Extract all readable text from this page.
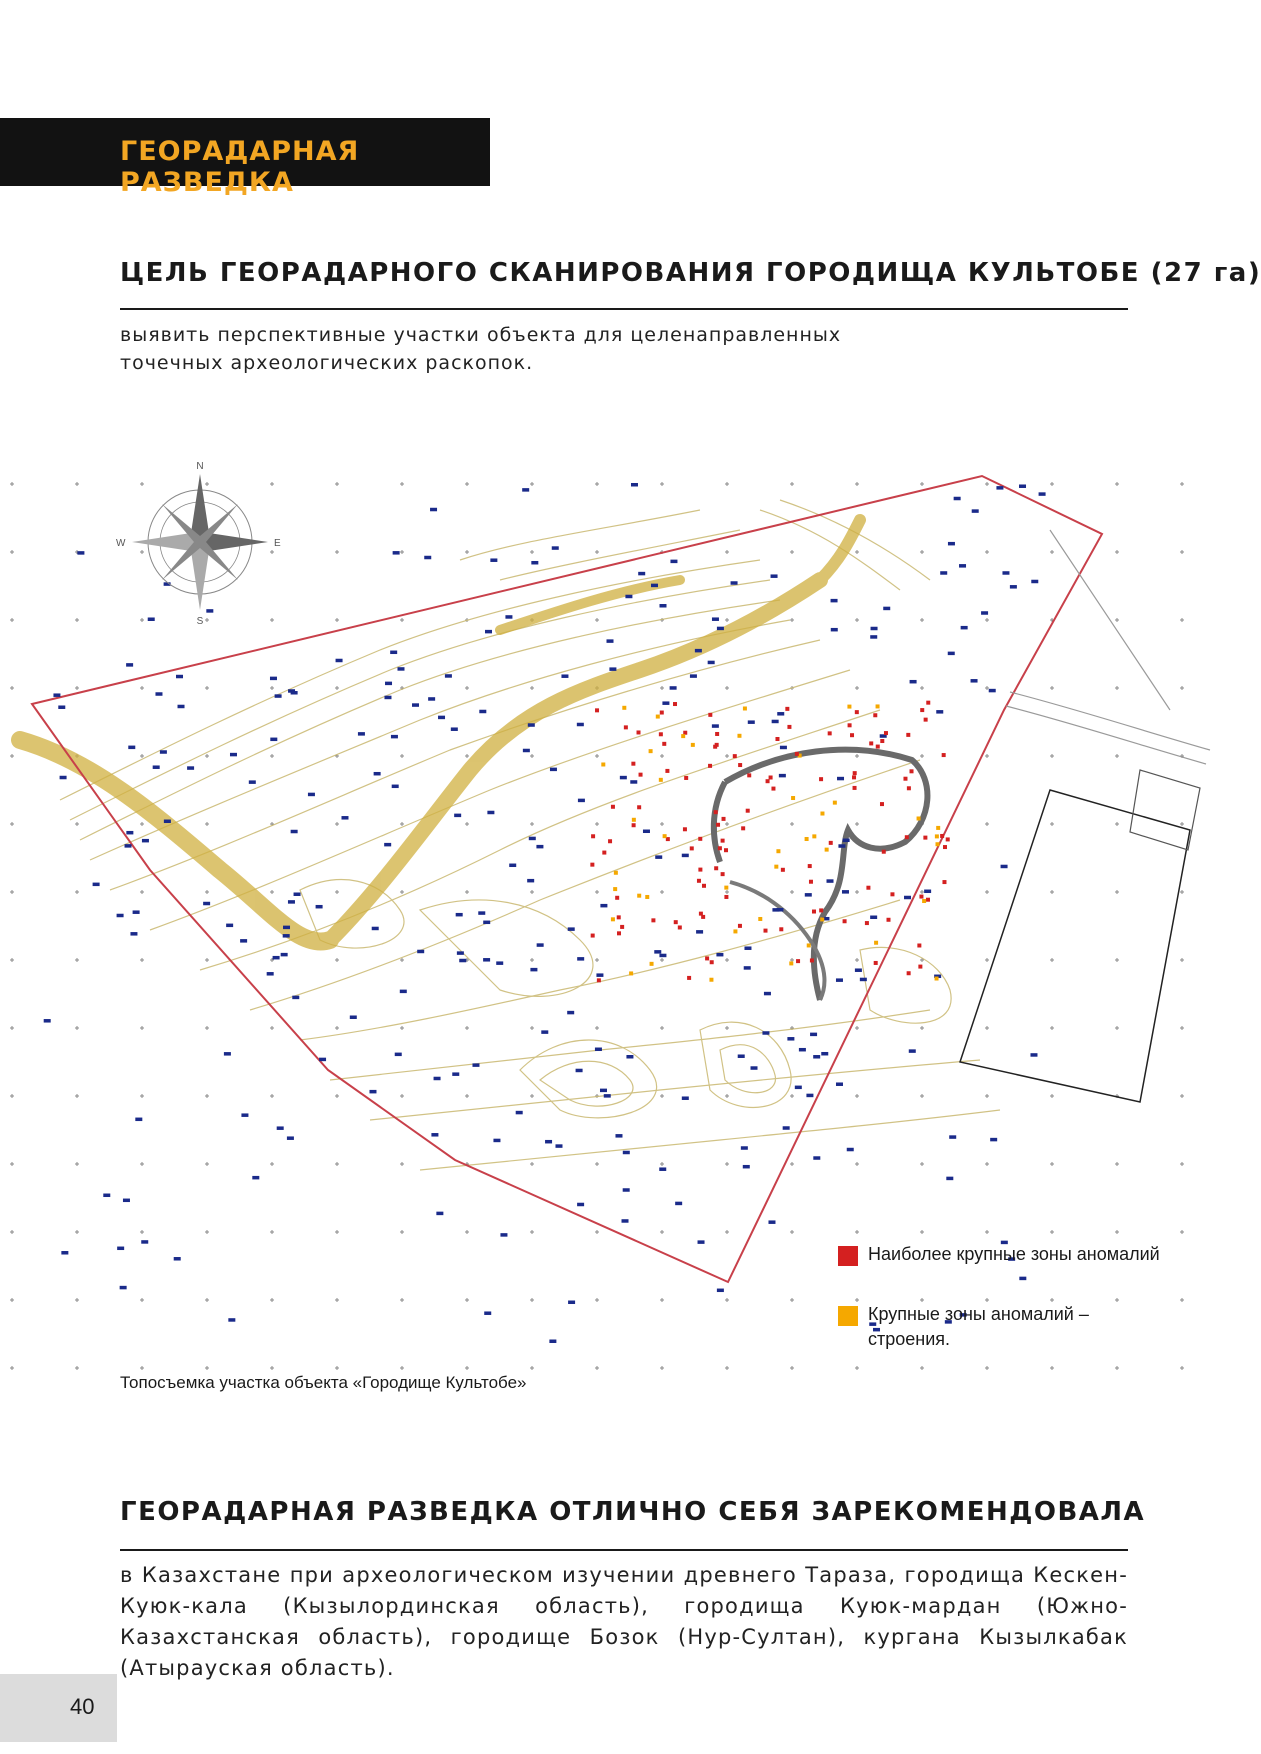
ГЕОРАДАРНАЯ РАЗВЕДКА
ЦЕЛЬ ГЕОРАДАРНОГО СКАНИРОВАНИЯ ГОРОДИЩА КУЛЬТОБЕ (27 га)
выявить перспективные участки объекта для целенаправленных
точечных археологических раскопок.
N
S
E
W
Наиболее крупные зоны аномалий
Крупные зоны аномалий –
строения.
Топосъемка участка объекта «Городище Культобе»
ГЕОРАДАРНАЯ РАЗВЕДКА ОТЛИЧНО СЕБЯ ЗАРЕКОМЕНДОВАЛА
в Казахстане при археологическом изучении древнего Тараза, городища Кескен-Куюк-кала (Кызылординская область), городища Куюк-мардан (Южно-Казахстанская область), городище Бозок (Нур-Султан), кургана Кызылкабак (Атырауская область).
40
